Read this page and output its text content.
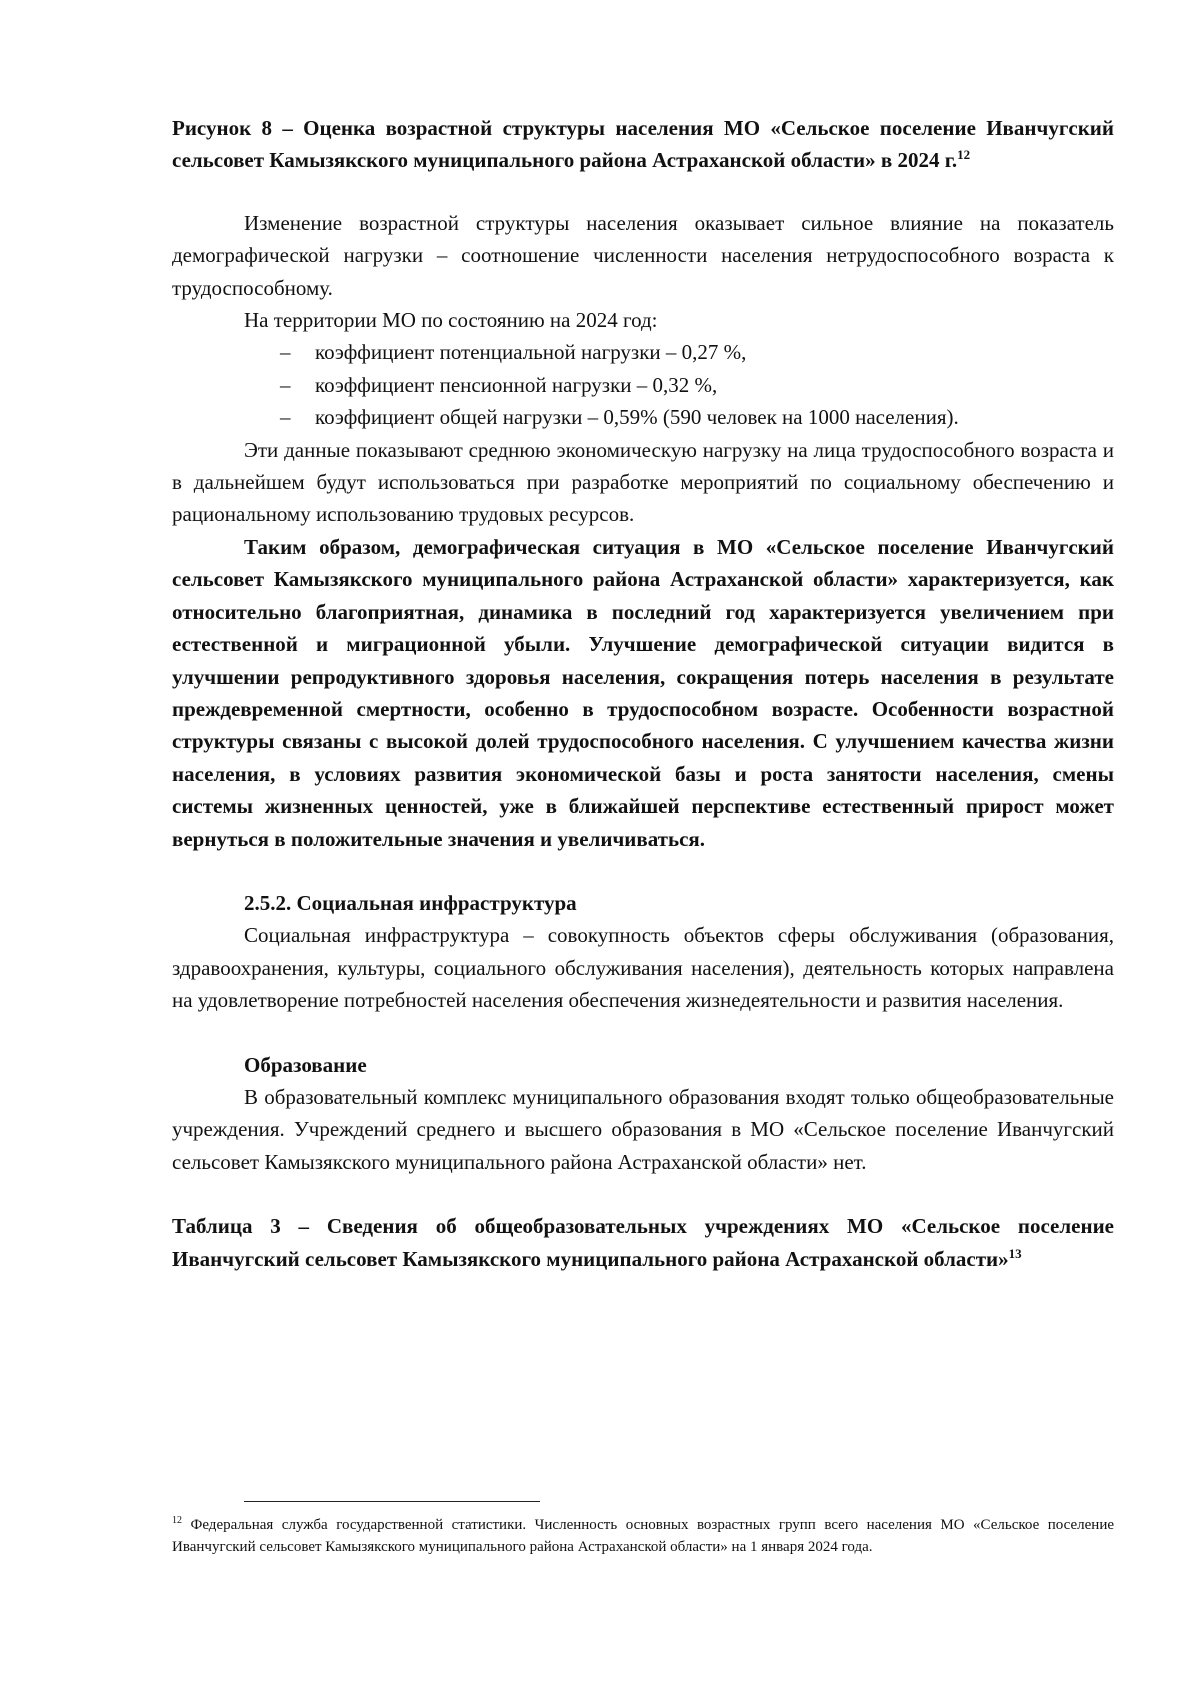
Рисунок 8 – Оценка возрастной структуры населения МО «Сельское поселение Иванчугский сельсовет Камызякского муниципального района Астраханской области» в 2024 г.$^{12}$

Изменение возрастной структуры населения оказывает сильное влияние на показатель демографической нагрузки – соотношение численности населения нетрудоспособного возраста к трудоспособному.

На территории МО по состоянию на 2024 год:

– коэффициент потенциальной нагрузки – 0,27 %,
– коэффициент пенсионной нагрузки – 0,32 %,
– коэффициент общей нагрузки – 0,59% (590 человек на 1000 населения).

Эти данные показывают среднюю экономическую нагрузку на лица трудоспособного возраста и в дальнейшем будут использоваться при разработке мероприятий по социальному обеспечению и рациональному использованию трудовых ресурсов.

Таким образом, демографическая ситуация в МО «Сельское поселение Иванчугский сельсовет Камызякского муниципального района Астраханской области» характеризуется, как относительно благоприятная, динамика в последний год характеризуется увеличением при естественной и миграционной убыли. Улучшение демографической ситуации видится в улучшении репродуктивного здоровья населения, сокращения потерь населения в результате преждевременной смертности, особенно в трудоспособном возрасте. Особенности возрастной структуры связаны с высокой долей трудоспособного населения. С улучшением качества жизни населения, в условиях развития экономической базы и роста занятости населения, смены системы жизненных ценностей, уже в ближайшей перспективе естественный прирост может вернуться в положительные значения и увеличиваться.

2.5.2. Социальная инфраструктура

Социальная инфраструктура – совокупность объектов сферы обслуживания (образования, здравоохранения, культуры, социального обслуживания населения), деятельность которых направлена на удовлетворение потребностей населения обеспечения жизнедеятельности и развития населения.

Образование

В образовательный комплекс муниципального образования входят только общеобразовательные учреждения. Учреждений среднего и высшего образования в МО «Сельское поселение Иванчугский сельсовет Камызякского муниципального района Астраханской области» нет.

Таблица 3 – Сведения об общеобразовательных учреждениях МО «Сельское поселение Иванчугский сельсовет Камызякского муниципального района Астраханской области»$^{13}$

$^{12}$ Федеральная служба государственной статистики. Численность основных возрастных групп всего населения МО «Сельское поселение Иванчугский сельсовет Камызякского муниципального района Астраханской области» на 1 января 2024 года.
